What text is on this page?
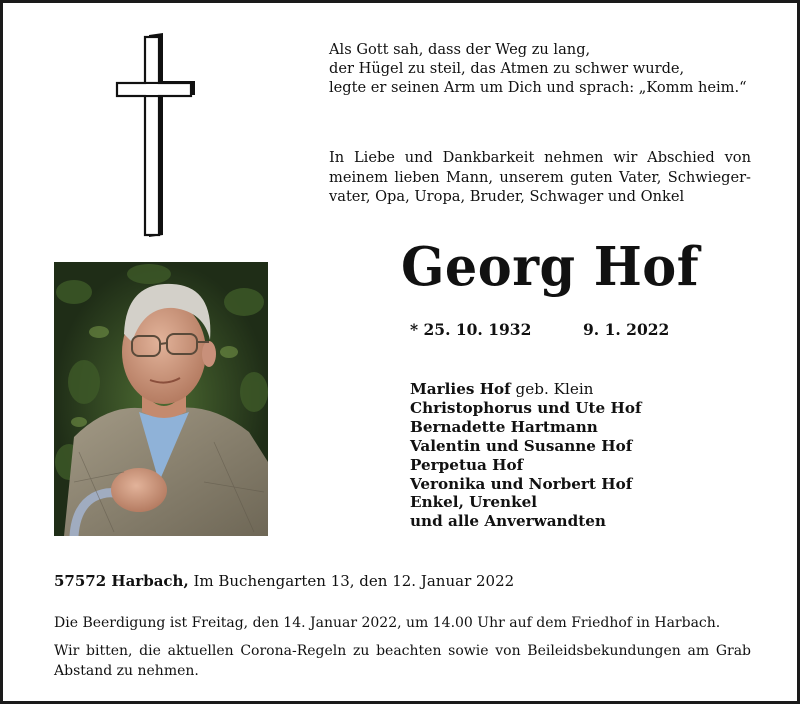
Als Gott sah, dass der Weg zu lang,
der Hügel zu steil, das Atmen zu schwer wurde,
legte er seinen Arm um Dich und sprach: „Komm heim.“

In Liebe und Dankbarkeit nehmen wir Abschied von
meinem lieben Mann, unserem guten Vater, Schwieger-
vater, Opa, Uropa, Bruder, Schwager und Onkel

Georg Hof
* 25. 10. 1932	9. 1. 2022
Marlies Hof geb. Klein
Christophorus und Ute Hof
Bernadette Hartmann
Valentin und Susanne Hof
Perpetua Hof
Veronika und Norbert Hof
Enkel, Urenkel
und alle Anverwandten
57572 Harbach, Im Buchengarten 13, den 12. Januar 2022
Die Beerdigung ist Freitag, den 14. Januar 2022, um 14.00 Uhr auf dem Friedhof in Harbach.
Wir bitten, die aktuellen Corona-Regeln zu beachten sowie von Beileidsbekundungen am Grab
Abstand zu nehmen.
